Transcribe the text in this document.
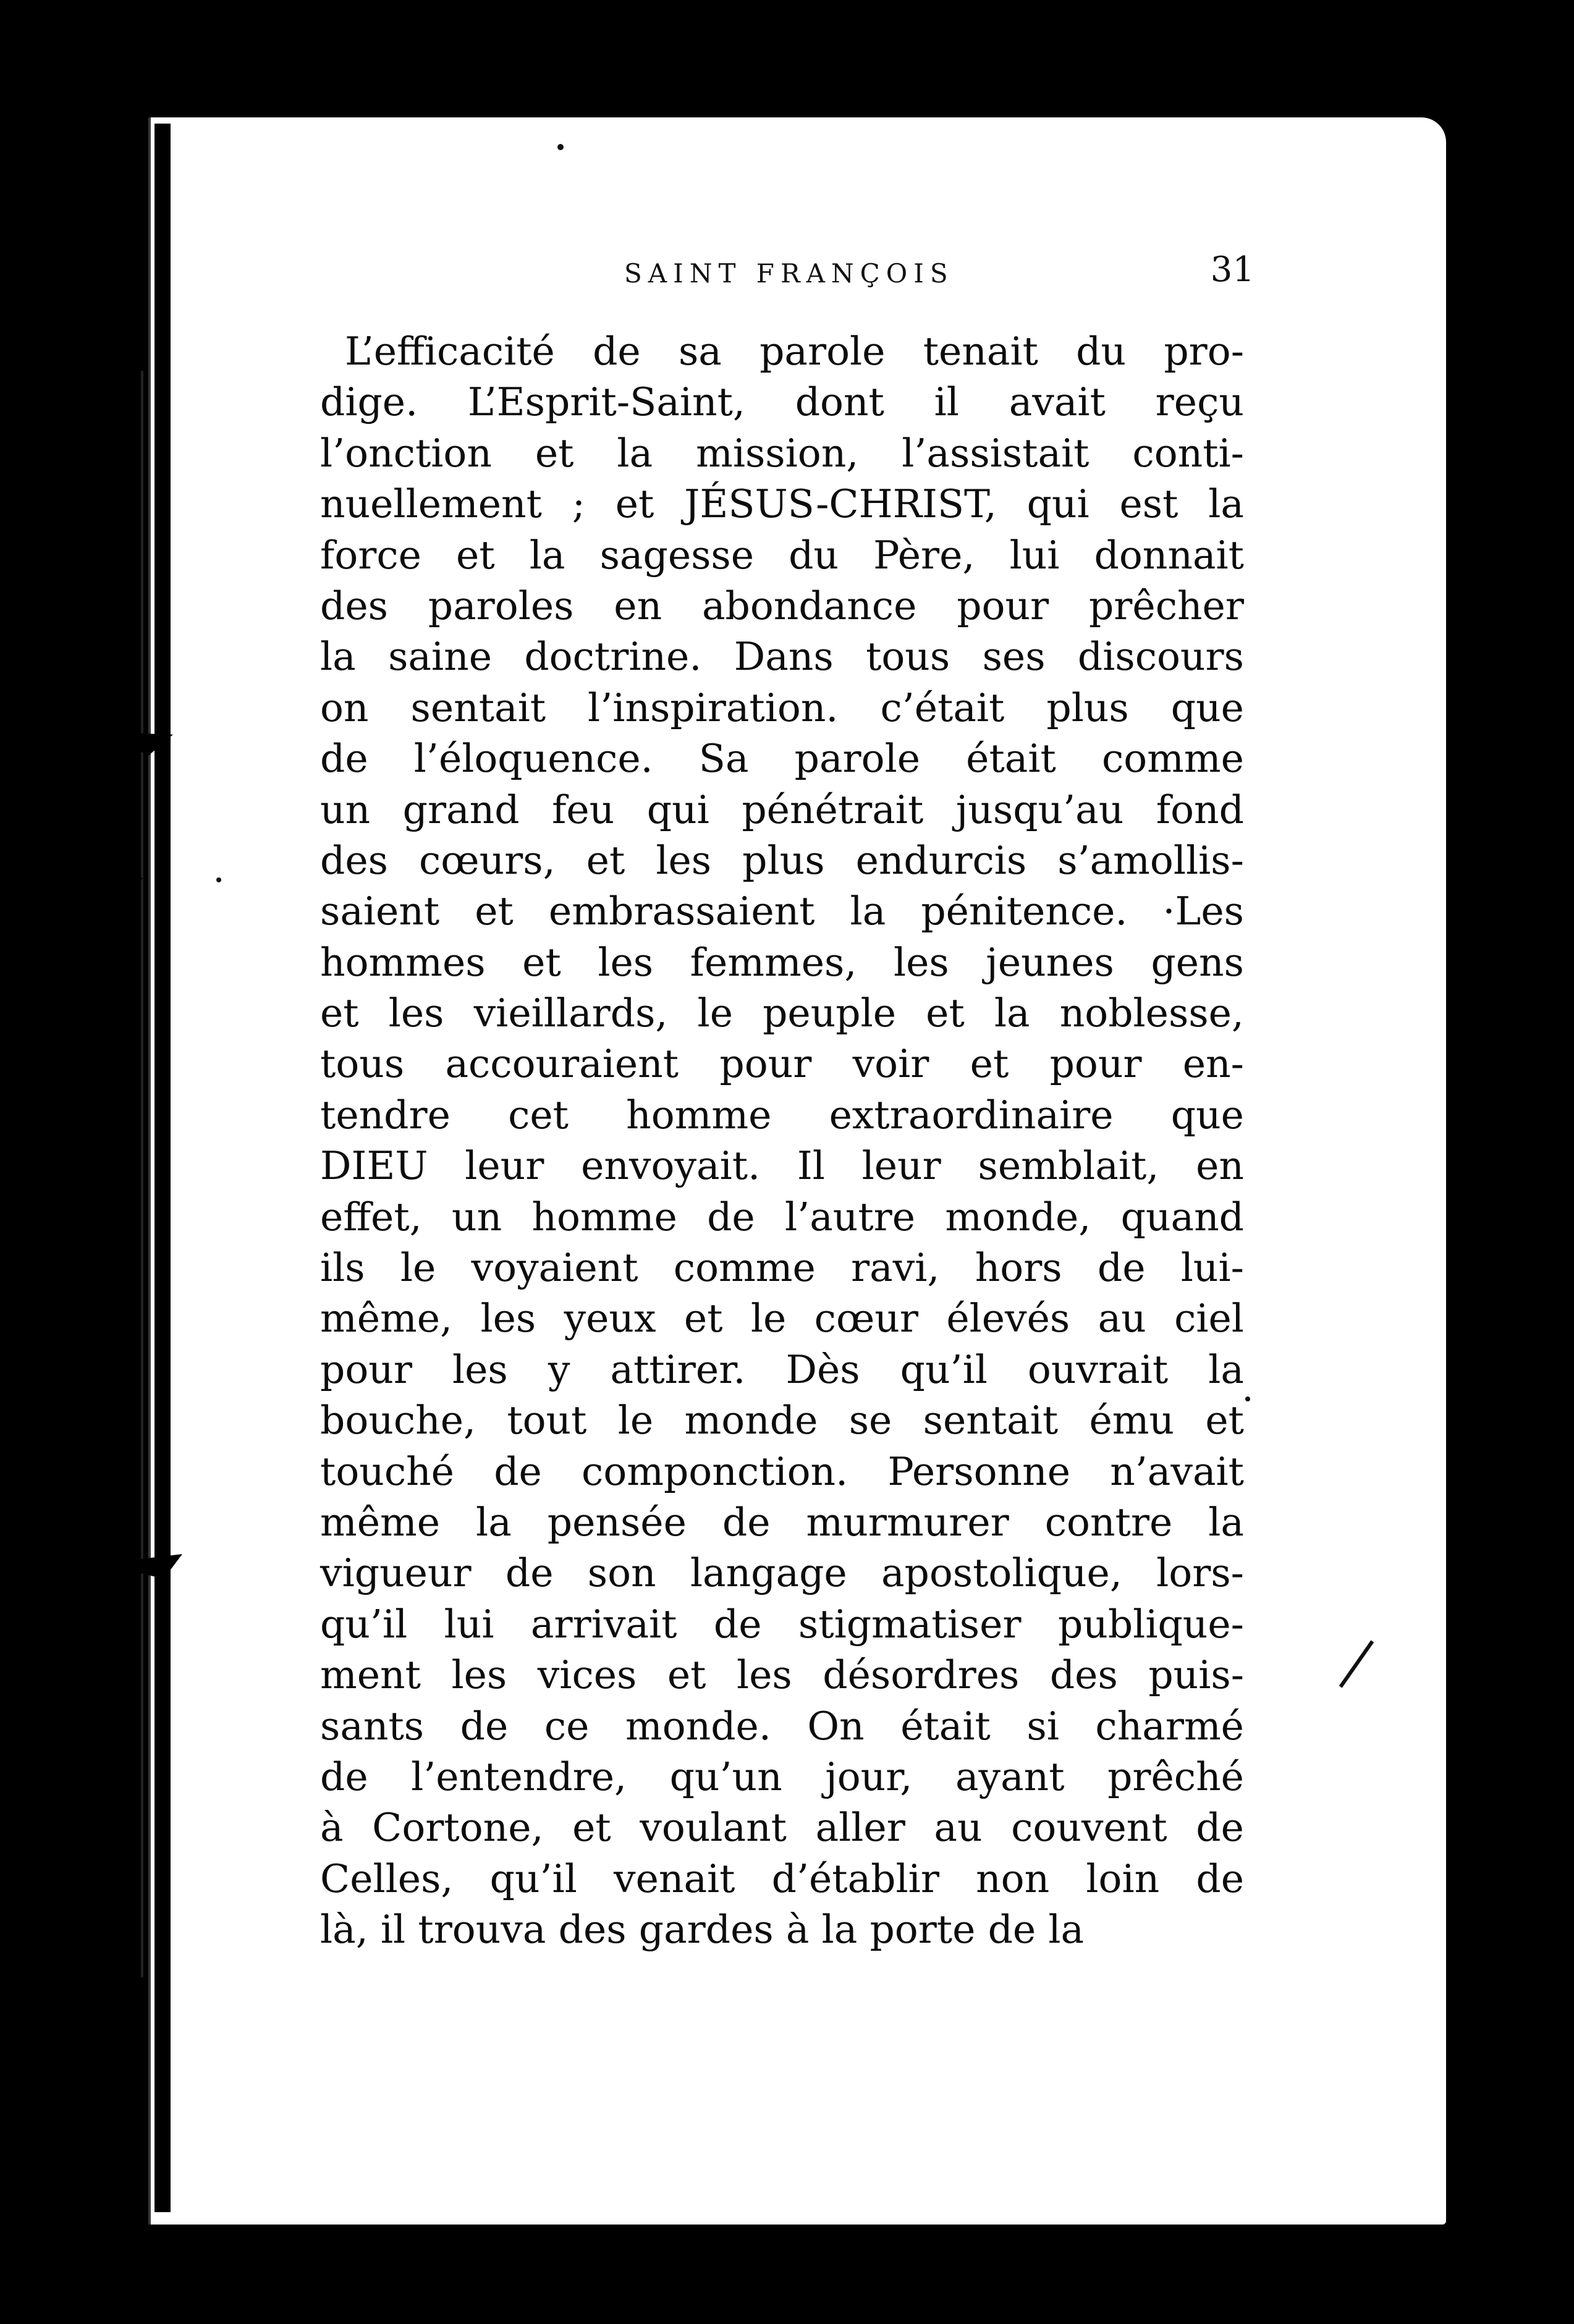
SAINT FRANÇOIS	31
L’efficacité de sa parole tenait du pro-
dige. L’Esprit-Saint, dont il avait reçu
l’onction et la mission, l’assistait conti-
nuellement ; et JÉSUS-CHRIST, qui est la
force et la sagesse du Père, lui donnait
des paroles en abondance pour prêcher
la saine doctrine. Dans tous ses discours
on sentait l’inspiration. c’était plus que
de l’éloquence. Sa parole était comme
un grand feu qui pénétrait jusqu’au fond
des cœurs, et les plus endurcis s’amollis-
saient et embrassaient la pénitence. ·Les
hommes et les femmes, les jeunes gens
et les vieillards, le peuple et la noblesse,
tous accouraient pour voir et pour en-
tendre cet homme extraordinaire que
DIEU leur envoyait. Il leur semblait, en
effet, un homme de l’autre monde, quand
ils le voyaient comme ravi, hors de lui-
même, les yeux et le cœur élevés au ciel
pour les y attirer. Dès qu’il ouvrait la
bouche, tout le monde se sentait ému et
touché de componction. Personne n’avait
même la pensée de murmurer contre la
vigueur de son langage apostolique, lors-
qu’il lui arrivait de stigmatiser publique-
ment les vices et les désordres des puis-
sants de ce monde. On était si charmé
de l’entendre, qu’un jour, ayant prêché
à Cortone, et voulant aller au couvent de
Celles, qu’il venait d’établir non loin de
là, il trouva des gardes à la porte de la
